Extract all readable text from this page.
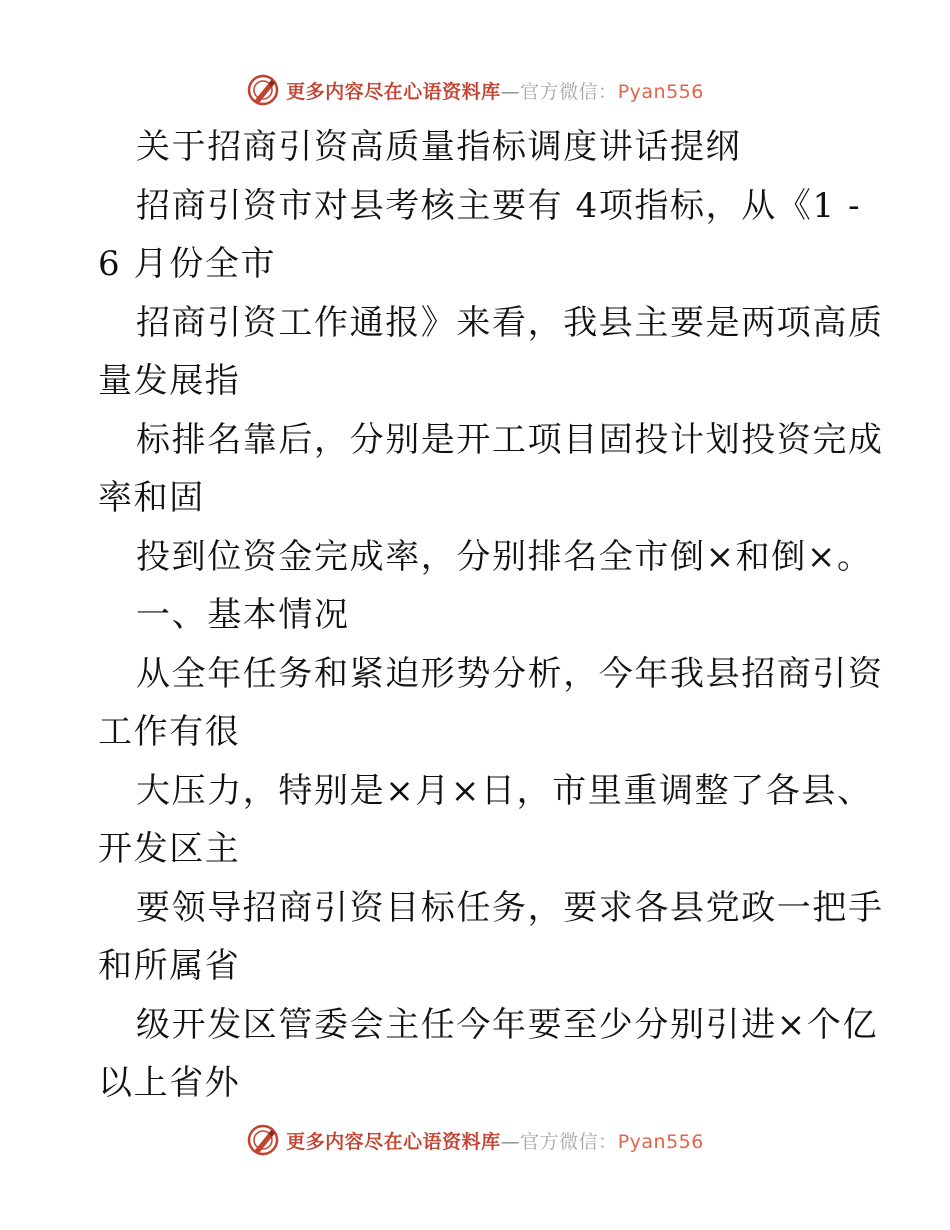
更多内容尽在心语资料库—官方微信：Pyan556
关于招商引资高质量指标调度讲话提纲
招商引资市对县考核主要有 4项指标，从《1 -
6 月份全市
招商引资工作通报》来看，我县主要是两项高质
量发展指
标排名靠后，分别是开工项目固投计划投资完成
率和固
投到位资金完成率，分别排名全市倒×和倒×。
一、基本情况
从全年任务和紧迫形势分析，今年我县招商引资
工作有很
大压力，特别是×月×日，市里重调整了各县、
开发区主
要领导招商引资目标任务，要求各县党政一把手
和所属省
级开发区管委会主任今年要至少分别引进×个亿
以上省外
更多内容尽在心语资料库—官方微信：Pyan556
